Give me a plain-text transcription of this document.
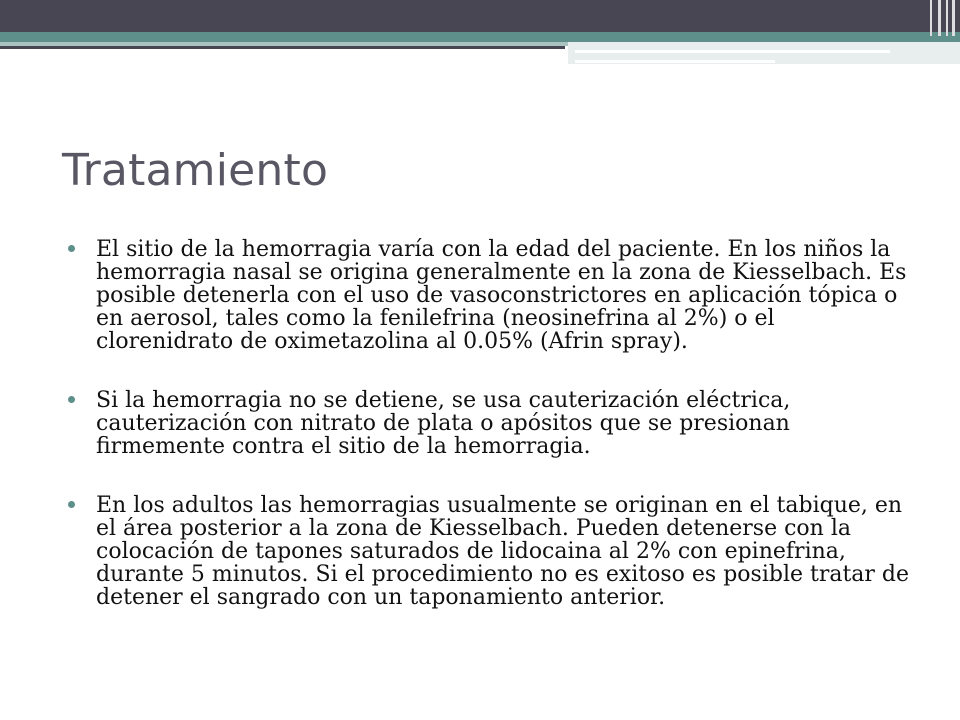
Tratamiento
El sitio de la hemorragia varía con la edad del paciente. En los niños la hemorragia nasal se origina generalmente en la zona de Kiesselbach. Es posible detenerla con el uso de vasoconstrictores en aplicación tópica o en aerosol, tales como la fenilefrina (neosinefrina al 2%) o el clorenidrato de oximetazolina al 0.05% (Afrin spray).
Si la hemorragia no se detiene, se usa cauterización eléctrica, cauterización con nitrato de plata o apósitos que se presionan firmemente contra el sitio de la hemorragia.
En los adultos las hemorragias usualmente se originan en el tabique, en el área posterior a la zona de Kiesselbach. Pueden detenerse con la colocación de tapones saturados de lidocaina al 2% con epinefrina, durante 5 minutos. Si el procedimiento no es exitoso es posible tratar de detener el sangrado con un taponamiento anterior.
